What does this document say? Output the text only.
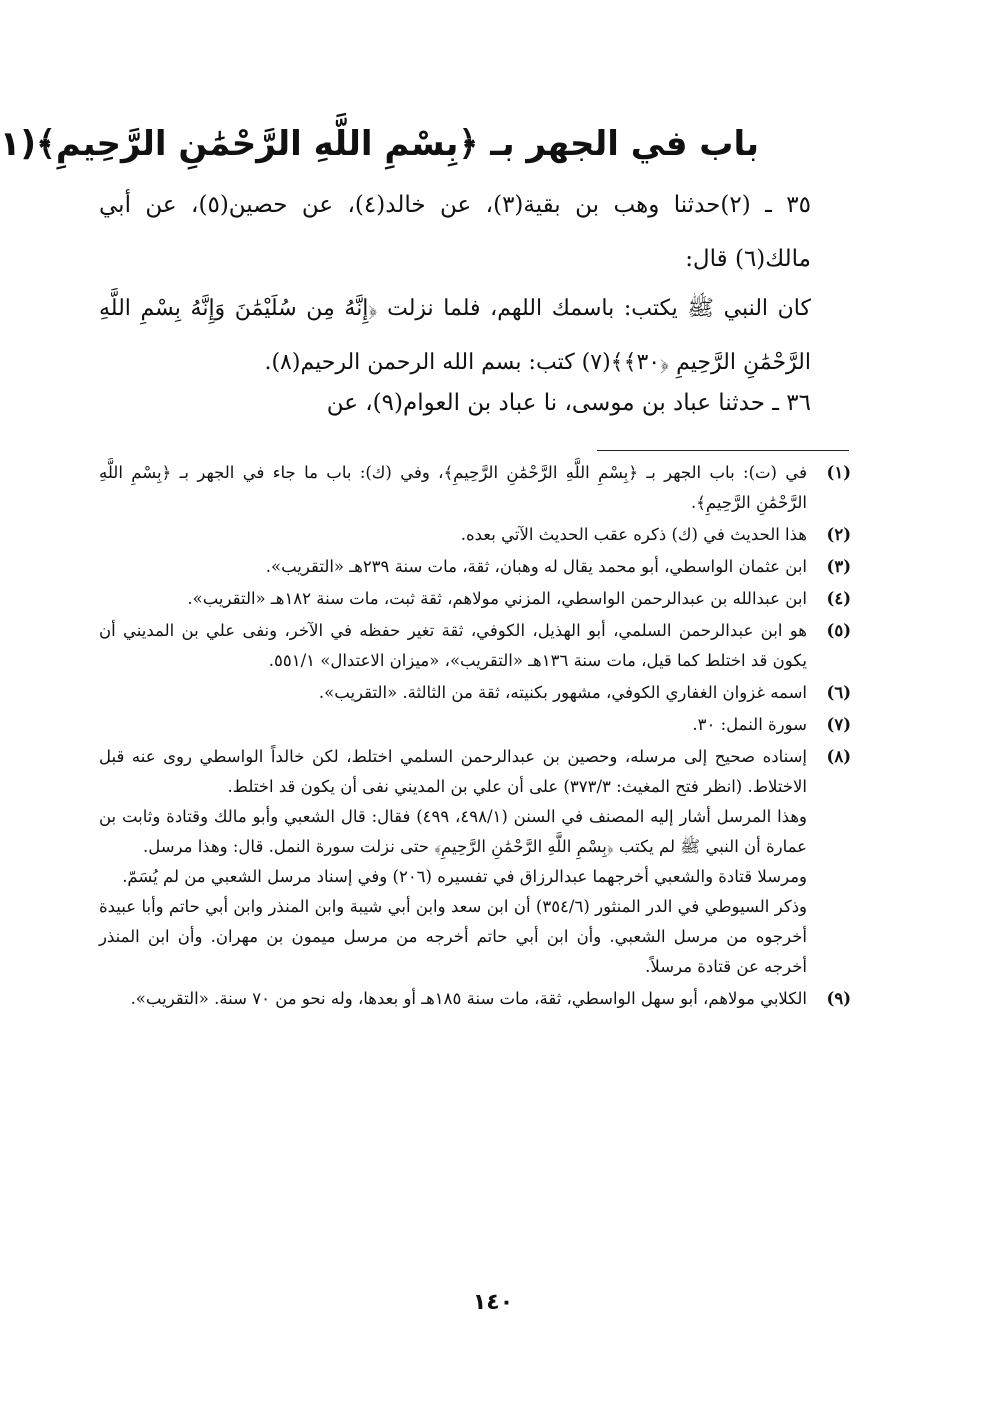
باب في الجهر بـ ﴿بِسْمِ اللَّهِ الرَّحْمَٰنِ الرَّحِيمِ﴾(١
٣٥ ـ (٢)حدثنا وهب بن بقية(٣)، عن خالد(٤)، عن حصين(٥)، عن أبي مالك(٦) قال:
كان النبي ﷺ يكتب: باسمك اللهم، فلما نزلت ﴿إِنَّهُ مِن سُلَيْمَٰنَ وَإِنَّهُ بِسْمِ اللَّهِ الرَّحْمَٰنِ الرَّحِيمِ ﴿٣٠﴾﴾(٧) كتب: بسم الله الرحمن الرحيم(٨).
٣٦ ـ حدثنا عباد بن موسى، نا عباد بن العوام(٩)، عن
(١)
في (ت): باب الجهر بـ ﴿بِسْمِ اللَّهِ الرَّحْمَٰنِ الرَّحِيمِ﴾، وفي (ك): باب ما جاء في الجهر بـ ﴿بِسْمِ اللَّهِ الرَّحْمَٰنِ الرَّحِيمِ﴾.
(٢)
هذا الحديث في (ك) ذكره عقب الحديث الآتي بعده.
(٣)
ابن عثمان الواسطي، أبو محمد يقال له وهبان، ثقة، مات سنة ٢٣٩هـ «التقريب».
(٤)
ابن عبدالله بن عبدالرحمن الواسطي، المزني مولاهم، ثقة ثبت، مات سنة ١٨٢هـ «التقريب».
(٥)
هو ابن عبدالرحمن السلمي، أبو الهذيل، الكوفي، ثقة تغير حفظه في الآخر، ونفى علي بن المديني أن يكون قد اختلط كما قيل، مات سنة ١٣٦هـ «التقريب»، «ميزان الاعتدال» ٥٥١/١.
(٦)
اسمه غزوان الغفاري الكوفي، مشهور بكنيته، ثقة من الثالثة. «التقريب».
(٧)
سورة النمل: ٣٠.
(٨)
إسناده صحيح إلى مرسله، وحصين بن عبدالرحمن السلمي اختلط، لكن خالداً الواسطي روى عنه قبل الاختلاط. (انظر فتح المغيث: ٣٧٣/٣) على أن علي بن المديني نفى أن يكون قد اختلط.
وهذا المرسل أشار إليه المصنف في السنن (٤٩٨/١، ٤٩٩) فقال: قال الشعبي وأبو مالك وقتادة وثابت بن عمارة أن النبي ﷺ لم يكتب ﴿بِسْمِ اللَّهِ الرَّحْمَٰنِ الرَّحِيمِ﴾ حتى نزلت سورة النمل. قال: وهذا مرسل.
ومرسلا قتادة والشعبي أخرجهما عبدالرزاق في تفسيره (٢٠٦) وفي إسناد مرسل الشعبي من لم يُسَمّ.
وذكر السيوطي في الدر المنثور (٣٥٤/٦) أن ابن سعد وابن أبي شيبة وابن المنذر وابن أبي حاتم وأبا عبيدة أخرجوه من مرسل الشعبي. وأن ابن أبي حاتم أخرجه من مرسل ميمون بن مهران. وأن ابن المنذر أخرجه عن قتادة مرسلاً.
(٩)
الكلابي مولاهم، أبو سهل الواسطي، ثقة، مات سنة ١٨٥هـ أو بعدها، وله نحو من ٧٠ سنة. «التقريب».
١٤٠
